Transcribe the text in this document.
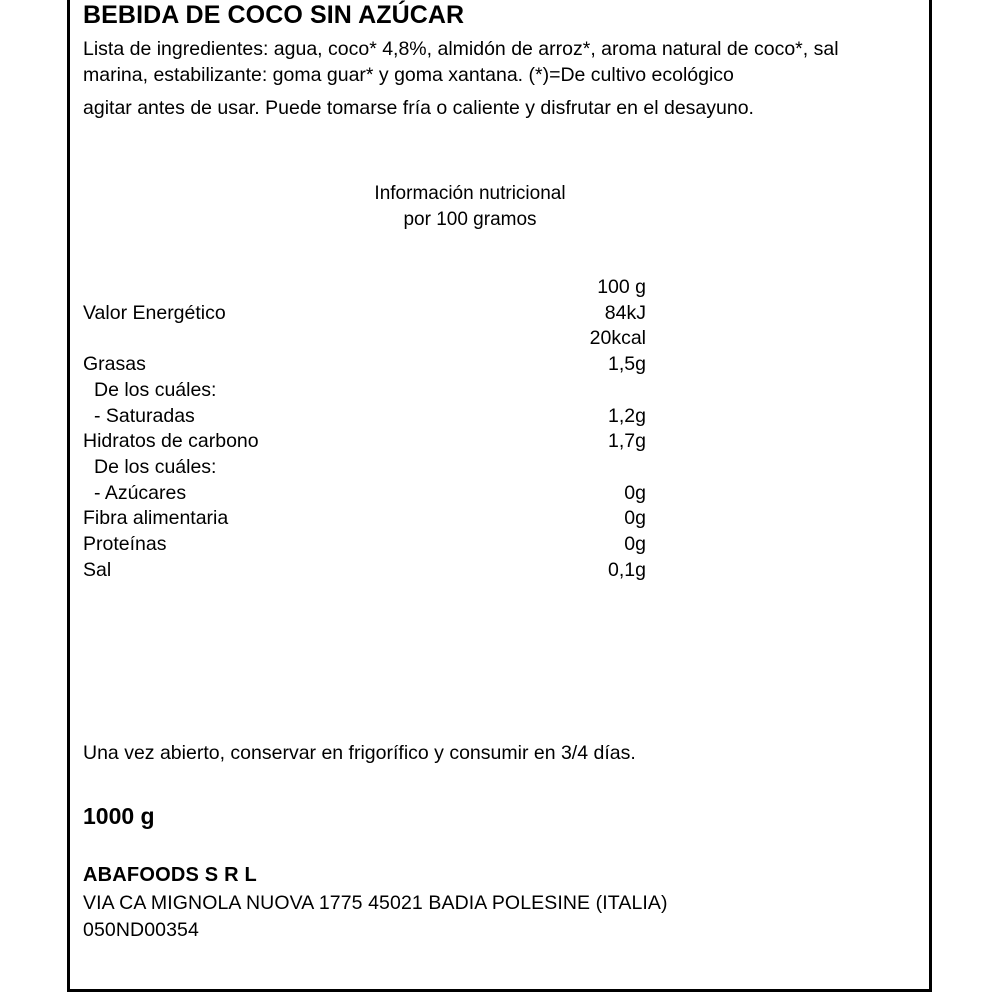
BEBIDA DE COCO SIN AZÚCAR

Lista de ingredientes: agua, coco* 4,8%, almidón de arroz*, aroma natural de coco*, sal marina, estabilizante: goma guar* y goma xantana. (*)=De cultivo ecológico

agitar antes de usar. Puede tomarse fría o caliente y disfrutar en el desayuno.

Información nutricional
por 100 gramos
	100 g
Valor Energético	84kJ
	20kcal
Grasas	1,5g
De los cuáles:	
- Saturadas	1,2g
Hidratos de carbono	1,7g
De los cuáles:	
- Azúcares	0g
Fibra alimentaria	0g
Proteínas	0g
Sal	0,1g

Una vez abierto, conservar en frigorífico y consumir en 3/4 días.

1000 g

ABAFOODS S R L

VIA CA MIGNOLA NUOVA 1775 45021 BADIA POLESINE (ITALIA)

050ND00354
